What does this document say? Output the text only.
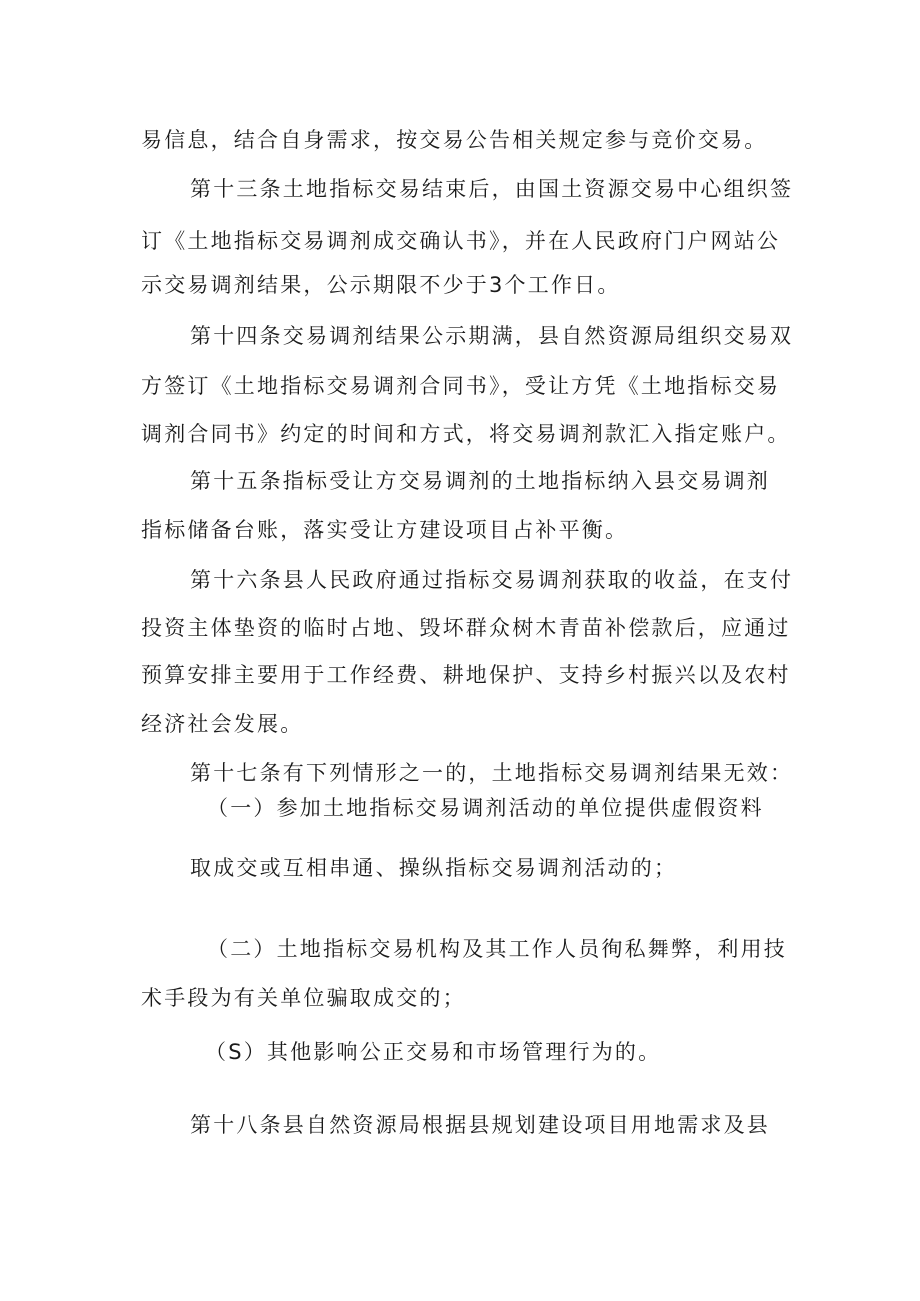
易信息，结合自身需求，按交易公告相关规定参与竞价交易。

第十三条土地指标交易结束后，由国土资源交易中心组织签

订《土地指标交易调剂成交确认书》，并在人民政府门户网站公

示交易调剂结果，公示期限不少于3个工作日。

第十四条交易调剂结果公示期满，县自然资源局组织交易双

方签订《土地指标交易调剂合同书》，受让方凭《土地指标交易

调剂合同书》约定的时间和方式，将交易调剂款汇入指定账户。

第十五条指标受让方交易调剂的土地指标纳入县交易调剂

指标储备台账，落实受让方建设项目占补平衡。

第十六条县人民政府通过指标交易调剂获取的收益，在支付

投资主体垫资的临时占地、毁坏群众树木青苗补偿款后，应通过

预算安排主要用于工作经费、耕地保护、支持乡村振兴以及农村

经济社会发展。

第十七条有下列情形之一的，土地指标交易调剂结果无效：

（一）参加土地指标交易调剂活动的单位提供虚假资料

取成交或互相串通、操纵指标交易调剂活动的；

（二）土地指标交易机构及其工作人员徇私舞弊，利用技

术手段为有关单位骗取成交的；

（S）其他影响公正交易和市场管理行为的。

第十八条县自然资源局根据县规划建设项目用地需求及县
